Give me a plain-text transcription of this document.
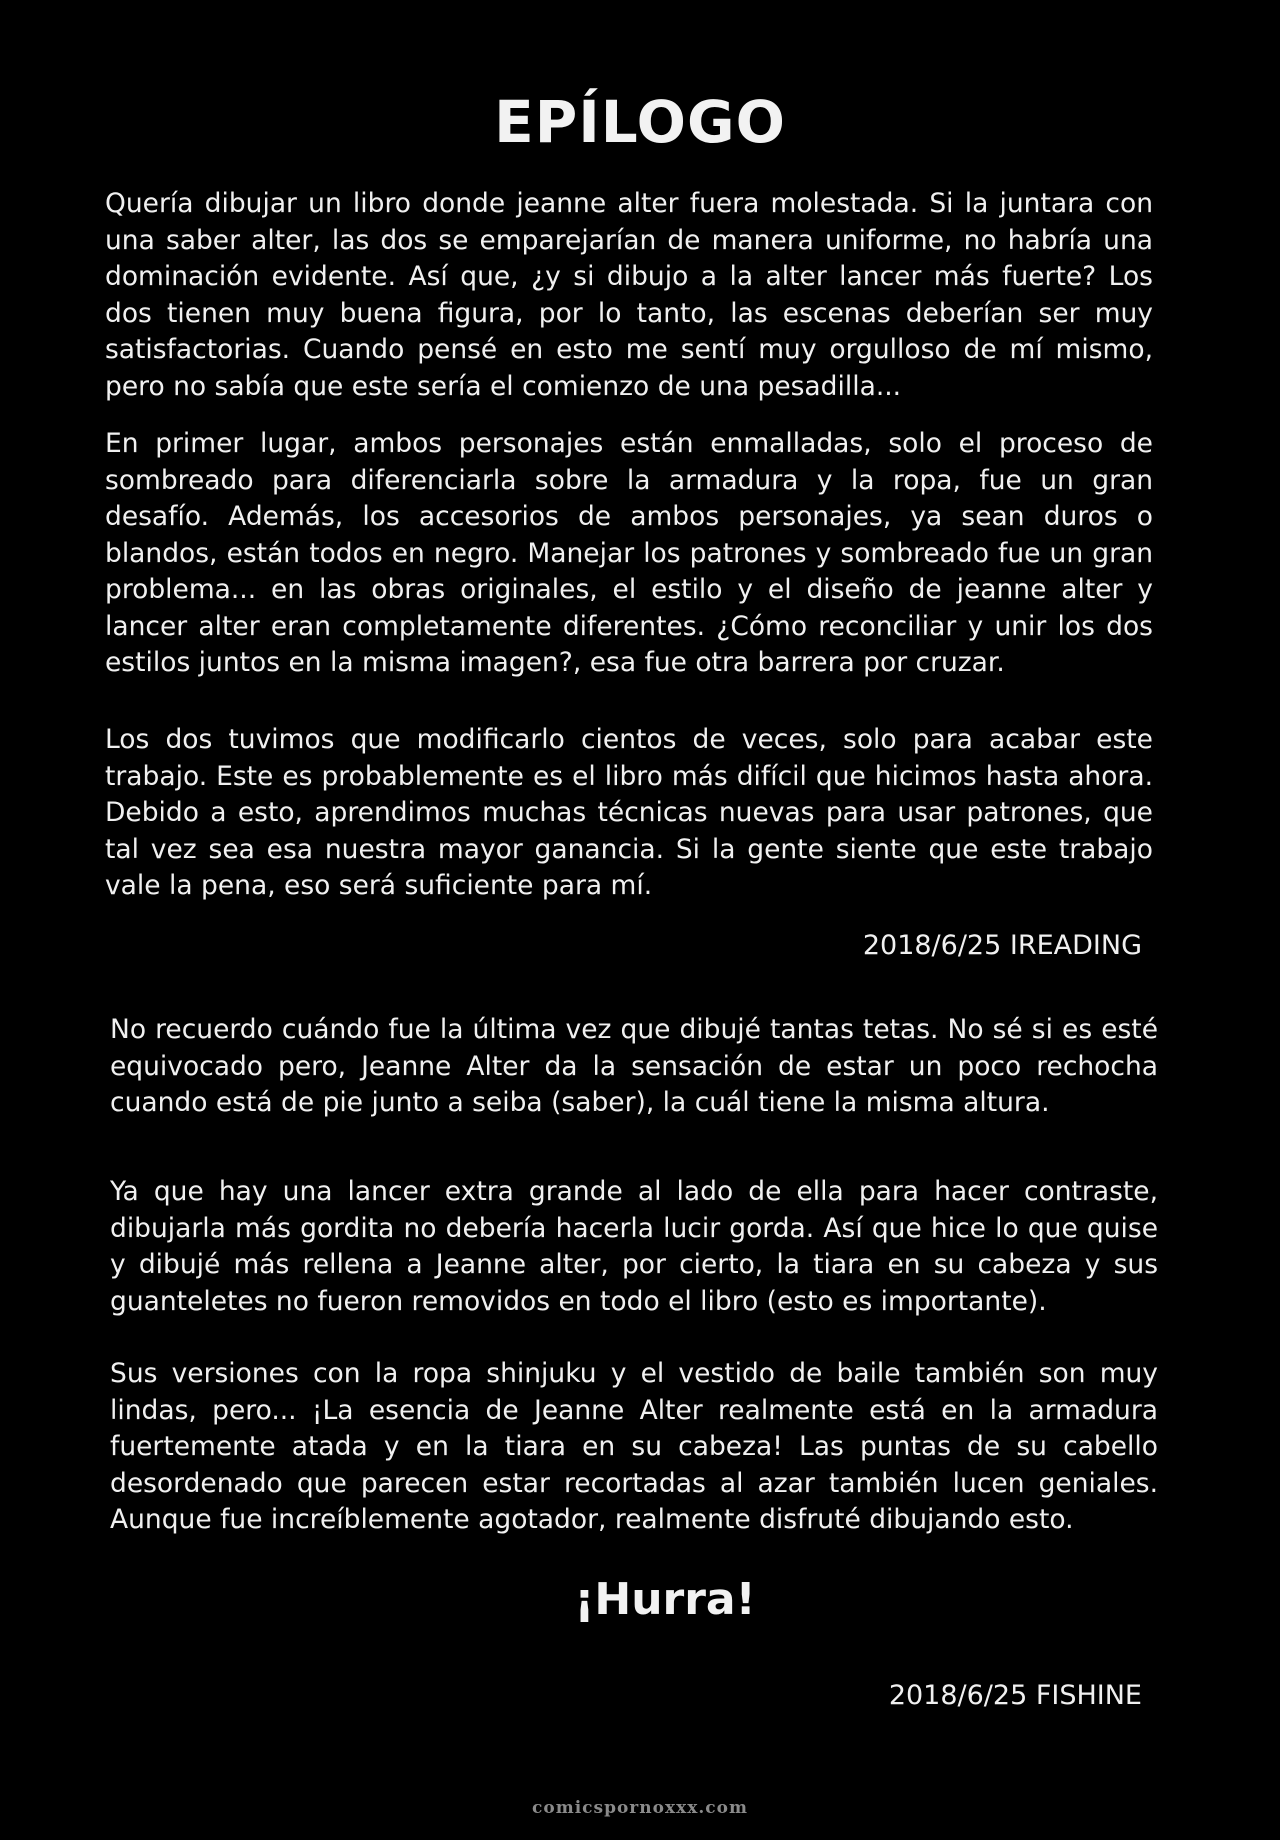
EPÍLOGO

Quería dibujar un libro donde jeanne alter fuera molestada. Si la juntara con una saber alter, las dos se emparejarían de manera uniforme, no habría una dominación evidente. Así que, ¿y si dibujo a la alter lancer más fuerte? Los dos tienen muy buena figura, por lo tanto, las escenas deberían ser muy satisfactorias. Cuando pensé en esto me sentí muy orgulloso de mí mismo, pero no sabía que este sería el comienzo de una pesadilla...

En primer lugar, ambos personajes están enmalladas, solo el proceso de sombreado para diferenciarla sobre la armadura y la ropa, fue un gran desafío. Además, los accesorios de ambos personajes, ya sean duros o blandos, están todos en negro. Manejar los patrones y sombreado fue un gran problema... en las obras originales, el estilo y el diseño de jeanne alter y lancer alter eran completamente diferentes. ¿Cómo reconciliar y unir los dos estilos juntos en la misma imagen?, esa fue otra barrera por cruzar.

Los dos tuvimos que modificarlo cientos de veces, solo para acabar este trabajo. Este es probablemente es el libro más difícil que hicimos hasta ahora. Debido a esto, aprendimos muchas técnicas nuevas para usar patrones, que tal vez sea esa nuestra mayor ganancia. Si la gente siente que este trabajo vale la pena, eso será suficiente para mí.

2018/6/25 IREADING

No recuerdo cuándo fue la última vez que dibujé tantas tetas. No sé si es esté equivocado pero, Jeanne Alter da la sensación de estar un poco rechocha cuando está de pie junto a seiba (saber), la cuál tiene la misma altura.

Ya que hay una lancer extra grande al lado de ella para hacer contraste, dibujarla más gordita no debería hacerla lucir gorda. Así que hice lo que quise y dibujé más rellena a Jeanne alter, por cierto, la tiara en su cabeza y sus guanteletes no fueron removidos en todo el libro (esto es importante).

Sus versiones con la ropa shinjuku y el vestido de baile también son muy lindas, pero... ¡La esencia de Jeanne Alter realmente está en la armadura fuertemente atada y en la tiara en su cabeza! Las puntas de su cabello desordenado que parecen estar recortadas al azar también lucen geniales. Aunque fue increíblemente agotador, realmente disfruté dibujando esto.

¡Hurra!
2018/6/25 FISHINE
comicspornoxxx.com
